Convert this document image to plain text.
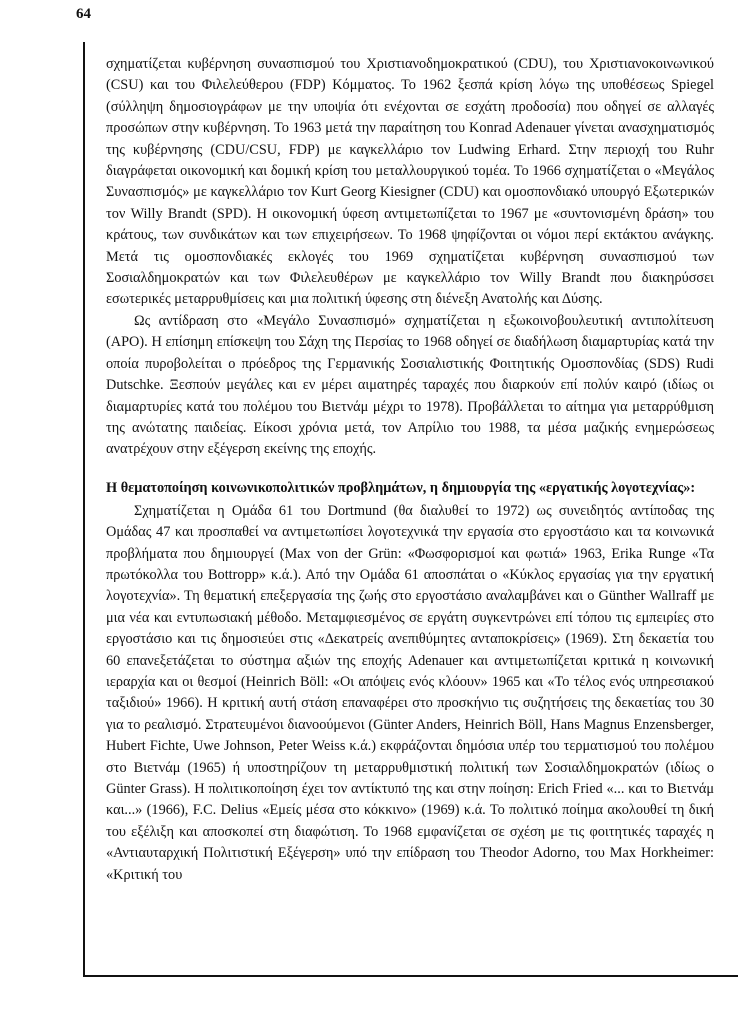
64

σχηματίζεται κυβέρνηση συνασπισμού του Χριστιανοδημοκρατικού (CDU), του Χριστιανοκοινωνικού (CSU) και του Φιλελεύθερου (FDP) Κόμματος. Το 1962 ξεσπά κρίση λόγω της υποθέσεως Spiegel (σύλληψη δημοσιογράφων με την υποψία ότι ενέχονται σε εσχάτη προδοσία) που οδηγεί σε αλλαγές προσώπων στην κυβέρνηση. Το 1963 μετά την παραίτηση του Konrad Adenauer γίνεται ανασχηματισμός της κυβέρνησης (CDU/CSU, FDP) με καγκελλάριο τον Ludwing Erhard. Στην περιοχή του Ruhr διαγράφεται οικονομική και δομική κρίση του μεταλλουργικού τομέα. Το 1966 σχηματίζεται ο «Μεγάλος Συνασπισμός» με καγκελλάριο τον Kurt Georg Kiesigner (CDU) και ομοσπονδιακό υπουργό Εξωτερικών τον Willy Brandt (SPD). Η οικονομική ύφεση αντιμετωπίζεται το 1967 με «συντονισμένη δράση» του κράτους, των συνδικάτων και των επιχειρήσεων. Το 1968 ψηφίζονται οι νόμοι περί εκτάκτου ανάγκης. Μετά τις ομοσπονδιακές εκλογές του 1969 σχηματίζεται κυβέρνηση συνασπισμού των Σοσιαλδημοκρατών και των Φιλελευθέρων με καγκελλάριο τον Willy Brandt που διακηρύσσει εσωτερικές μεταρρυθμίσεις και μια πολιτική ύφεσης στη διένεξη Ανατολής και Δύσης.

Ως αντίδραση στο «Μεγάλο Συνασπισμό» σχηματίζεται η εξωκοινοβουλευτική αντιπολίτευση (APO). Η επίσημη επίσκεψη του Σάχη της Περσίας το 1968 οδηγεί σε διαδήλωση διαμαρτυρίας κατά την οποία πυροβολείται ο πρόεδρος της Γερμανικής Σοσιαλιστικής Φοιτητικής Ομοσπονδίας (SDS) Rudi Dutschke. Ξεσπούν μεγάλες και εν μέρει αιματηρές ταραχές που διαρκούν επί πολύν καιρό (ιδίως οι διαμαρτυρίες κατά του πολέμου του Βιετνάμ μέχρι το 1978). Προβάλλεται το αίτημα για μεταρρύθμιση της ανώτατης παιδείας. Είκοσι χρόνια μετά, τον Απρίλιο του 1988, τα μέσα μαζικής ενημερώσεως ανατρέχουν στην εξέγερση εκείνης της εποχής.

Η θεματοποίηση κοινωνικοπολιτικών προβλημάτων, η δημιουργία της «εργατικής λογοτεχνίας»:

Σχηματίζεται η Ομάδα 61 του Dortmund (θα διαλυθεί το 1972) ως συνειδητός αντίποδας της Ομάδας 47 και προσπαθεί να αντιμετωπίσει λογοτεχνικά την εργασία στο εργοστάσιο και τα κοινωνικά προβλήματα που δημιουργεί (Max von der Grün: «Φωσφορισμοί και φωτιά» 1963, Erika Runge «Τα πρωτόκολλα του Bottropp» κ.ά.). Από την Ομάδα 61 αποσπάται ο «Κύκλος εργασίας για την εργατική λογοτεχνία». Τη θεματική επεξεργασία της ζωής στο εργοστάσιο αναλαμβάνει και ο Günther Wallraff με μια νέα και εντυπωσιακή μέθοδο. Μεταμφιεσμένος σε εργάτη συγκεντρώνει επί τόπου τις εμπειρίες στο εργοστάσιο και τις δημοσιεύει στις «Δεκατρείς ανεπιθύμητες ανταποκρίσεις» (1969). Στη δεκαετία του 60 επανεξετάζεται το σύστημα αξιών της εποχής Adenauer και αντιμετωπίζεται κριτικά η κοινωνική ιεραρχία και οι θεσμοί (Heinrich Böll: «Οι απόψεις ενός κλόουν» 1965 και «Το τέλος ενός υπηρεσιακού ταξιδιού» 1966). Η κριτική αυτή στάση επαναφέρει στο προσκήνιο τις συζητήσεις της δεκαετίας του 30 για το ρεαλισμό. Στρατευμένοι διανοούμενοι (Günter Anders, Heinrich Böll, Hans Magnus Enzensberger, Hubert Fichte, Uwe Johnson, Peter Weiss κ.ά.) εκφράζονται δημόσια υπέρ του τερματισμού του πολέμου στο Βιετνάμ (1965) ή υποστηρίζουν τη μεταρρυθμιστική πολιτική των Σοσιαλδημοκρατών (ιδίως ο Günter Grass). Η πολιτικοποίηση έχει τον αντίκτυπό της και στην ποίηση: Erich Fried «... και το Βιετνάμ και...» (1966), F.C. Delius «Εμείς μέσα στο κόκκινο» (1969) κ.ά. Το πολιτικό ποίημα ακολουθεί τη δική του εξέλιξη και αποσκοπεί στη διαφώτιση. Το 1968 εμφανίζεται σε σχέση με τις φοιτητικές ταραχές η «Αντιαυταρχική Πολιτιστική Εξέγερση» υπό την επίδραση του Theodor Adorno, του Max Horkheimer: «Κριτική του
